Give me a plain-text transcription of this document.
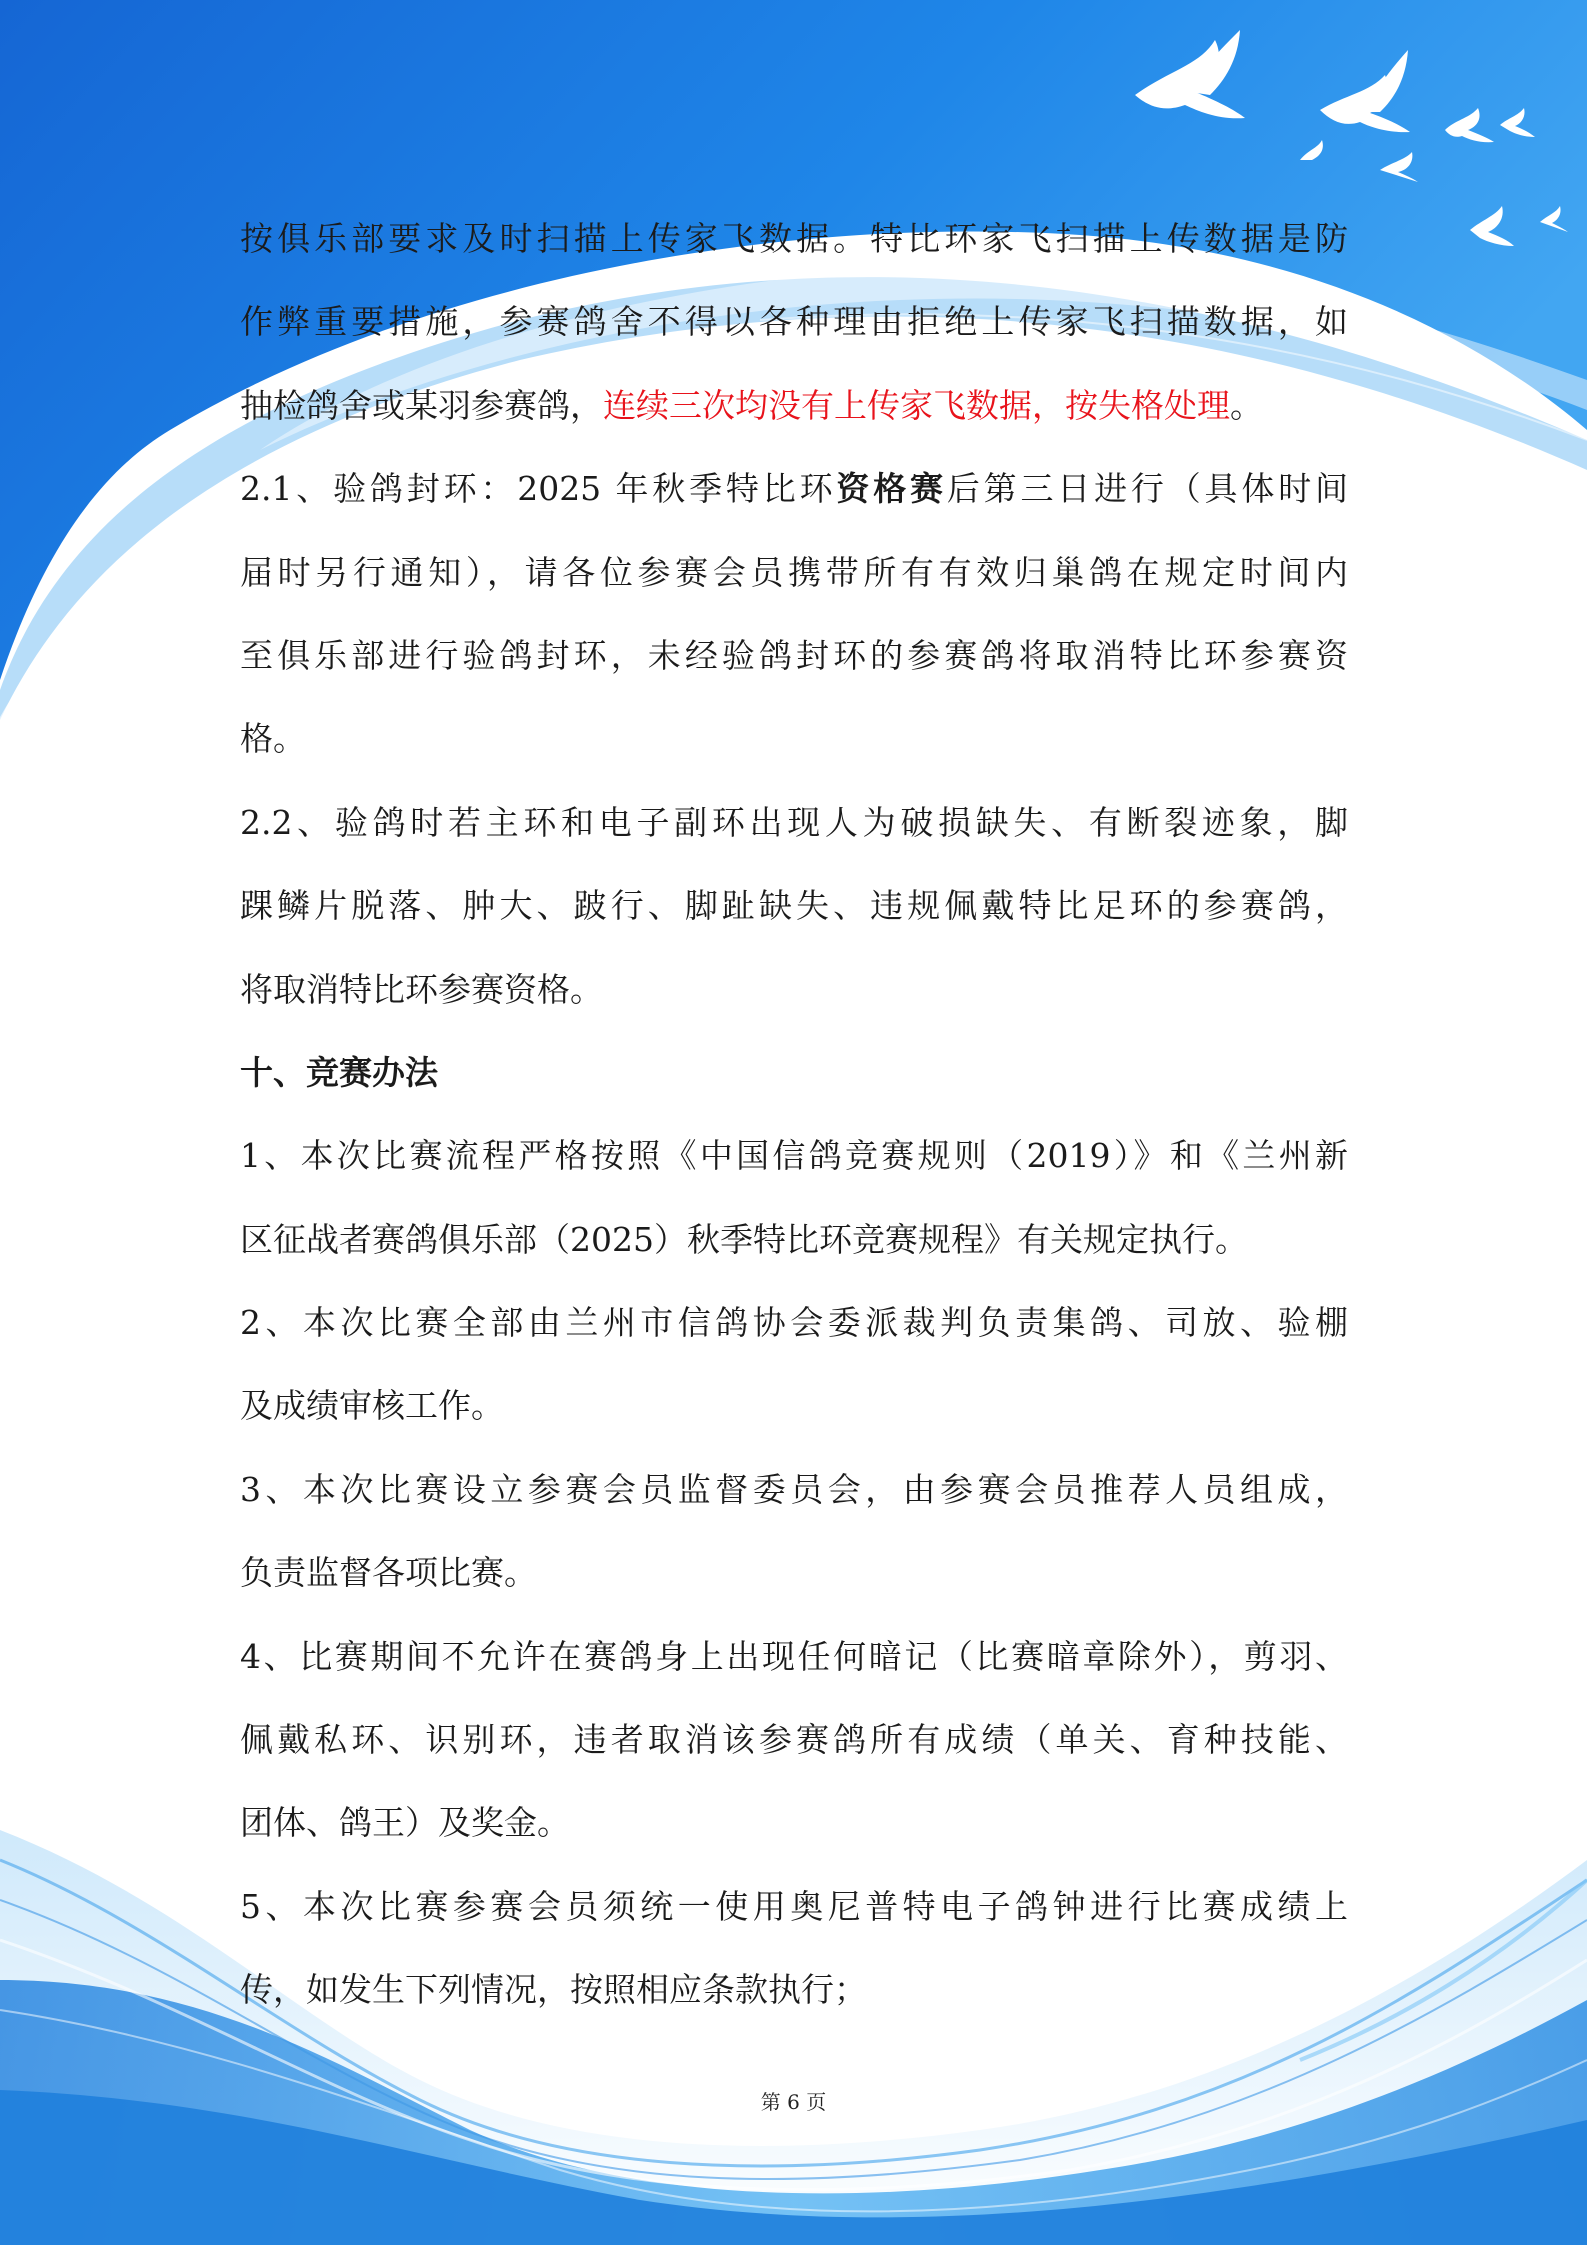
按俱乐部要求及时扫描上传家飞数据。特比环家飞扫描上传数据是防
作弊重要措施，参赛鸽舍不得以各种理由拒绝上传家飞扫描数据，如
抽检鸽舍或某羽参赛鸽，连续三次均没有上传家飞数据，按失格处理。
2.1、验鸽封环：2025 年秋季特比环资格赛后第三日进行（具体时间
届时另行通知），请各位参赛会员携带所有有效归巢鸽在规定时间内
至俱乐部进行验鸽封环，未经验鸽封环的参赛鸽将取消特比环参赛资
格。
2.2、验鸽时若主环和电子副环出现人为破损缺失、有断裂迹象，脚
踝鳞片脱落、肿大、跛行、脚趾缺失、违规佩戴特比足环的参赛鸽，
将取消特比环参赛资格。
十、竞赛办法
1、本次比赛流程严格按照《中国信鸽竞赛规则（2019）》和《兰州新
区征战者赛鸽俱乐部（2025）秋季特比环竞赛规程》有关规定执行。
2、本次比赛全部由兰州市信鸽协会委派裁判负责集鸽、司放、验棚
及成绩审核工作。
3、本次比赛设立参赛会员监督委员会，由参赛会员推荐人员组成，
负责监督各项比赛。
4、比赛期间不允许在赛鸽身上出现任何暗记（比赛暗章除外），剪羽、
佩戴私环、识别环，违者取消该参赛鸽所有成绩（单关、育种技能、
团体、鸽王）及奖金。
5、本次比赛参赛会员须统一使用奥尼普特电子鸽钟进行比赛成绩上
传，如发生下列情况，按照相应条款执行；
第 6 页
